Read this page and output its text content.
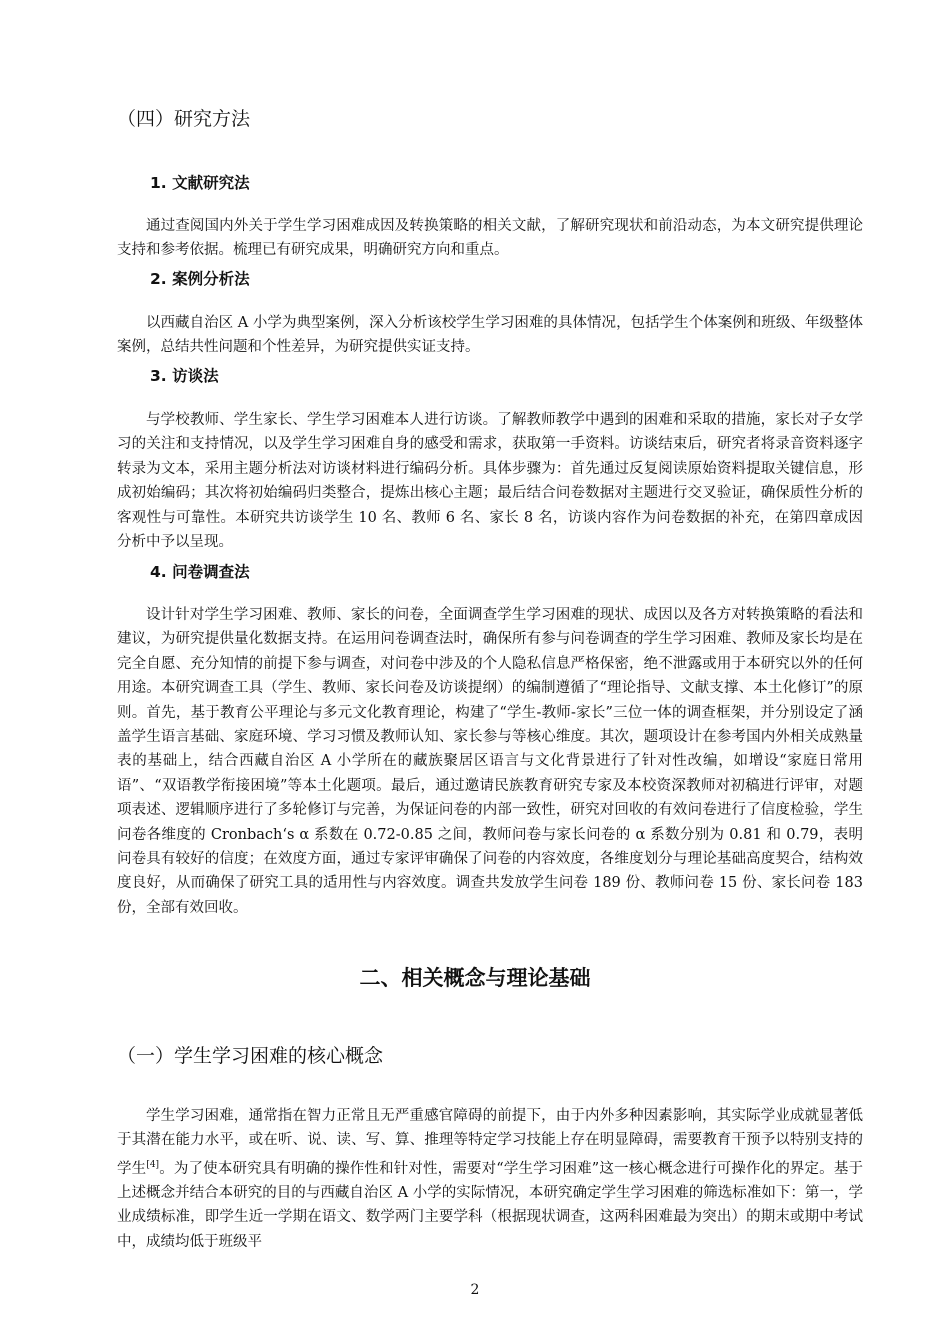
（四）研究方法
1. 文献研究法

通过查阅国内外关于学生学习困难成因及转换策略的相关文献，了解研究现状和前沿动态，为本文研究提供理论支持和参考依据。梳理已有研究成果，明确研究方向和重点。

2. 案例分析法

以西藏自治区 A 小学为典型案例，深入分析该校学生学习困难的具体情况，包括学生个体案例和班级、年级整体案例，总结共性问题和个性差异，为研究提供实证支持。

3. 访谈法

与学校教师、学生家长、学生学习困难本人进行访谈。了解教师教学中遇到的困难和采取的措施，家长对子女学习的关注和支持情况，以及学生学习困难自身的感受和需求，获取第一手资料。访谈结束后，研究者将录音资料逐字转录为文本，采用主题分析法对访谈材料进行编码分析。具体步骤为：首先通过反复阅读原始资料提取关键信息，形成初始编码；其次将初始编码归类整合，提炼出核心主题；最后结合问卷数据对主题进行交叉验证，确保质性分析的客观性与可靠性。本研究共访谈学生 10 名、教师 6 名、家长 8 名，访谈内容作为问卷数据的补充，在第四章成因分析中予以呈现。

4. 问卷调查法

设计针对学生学习困难、教师、家长的问卷，全面调查学生学习困难的现状、成因以及各方对转换策略的看法和建议，为研究提供量化数据支持。在运用问卷调查法时，确保所有参与问卷调查的学生学习困难、教师及家长均是在完全自愿、充分知情的前提下参与调查，对问卷中涉及的个人隐私信息严格保密，绝不泄露或用于本研究以外的任何用途。本研究调查工具（学生、教师、家长问卷及访谈提纲）的编制遵循了“理论指导、文献支撑、本土化修订”的原则。首先，基于教育公平理论与多元文化教育理论，构建了“学生-教师-家长”三位一体的调查框架，并分别设定了涵盖学生语言基础、家庭环境、学习习惯及教师认知、家长参与等核心维度。其次，题项设计在参考国内外相关成熟量表的基础上，结合西藏自治区 A 小学所在的藏族聚居区语言与文化背景进行了针对性改编，如增设“家庭日常用语”、“双语教学衔接困境”等本土化题项。最后，通过邀请民族教育研究专家及本校资深教师对初稿进行评审，对题项表述、逻辑顺序进行了多轮修订与完善，为保证问卷的内部一致性，研究对回收的有效问卷进行了信度检验，学生问卷各维度的 Cronbach‘s α 系数在 0.72-0.85 之间，教师问卷与家长问卷的 α 系数分别为 0.81 和 0.79，表明问卷具有较好的信度；在效度方面，通过专家评审确保了问卷的内容效度，各维度划分与理论基础高度契合，结构效度良好，从而确保了研究工具的适用性与内容效度。调查共发放学生问卷 189 份、教师问卷 15 份、家长问卷 183 份，全部有效回收。

二、相关概念与理论基础
（一）学生学习困难的核心概念

学生学习困难，通常指在智力正常且无严重感官障碍的前提下，由于内外多种因素影响，其实际学业成就显著低于其潜在能力水平，或在听、说、读、写、算、推理等特定学习技能上存在明显障碍，需要教育干预予以特别支持的学生[4]。为了使本研究具有明确的操作性和针对性，需要对“学生学习困难”这一核心概念进行可操作化的界定。基于上述概念并结合本研究的目的与西藏自治区 A 小学的实际情况，本研究确定学生学习困难的筛选标准如下：第一，学业成绩标准，即学生近一学期在语文、数学两门主要学科（根据现状调查，这两科困难最为突出）的期末或期中考试中，成绩均低于班级平

2
